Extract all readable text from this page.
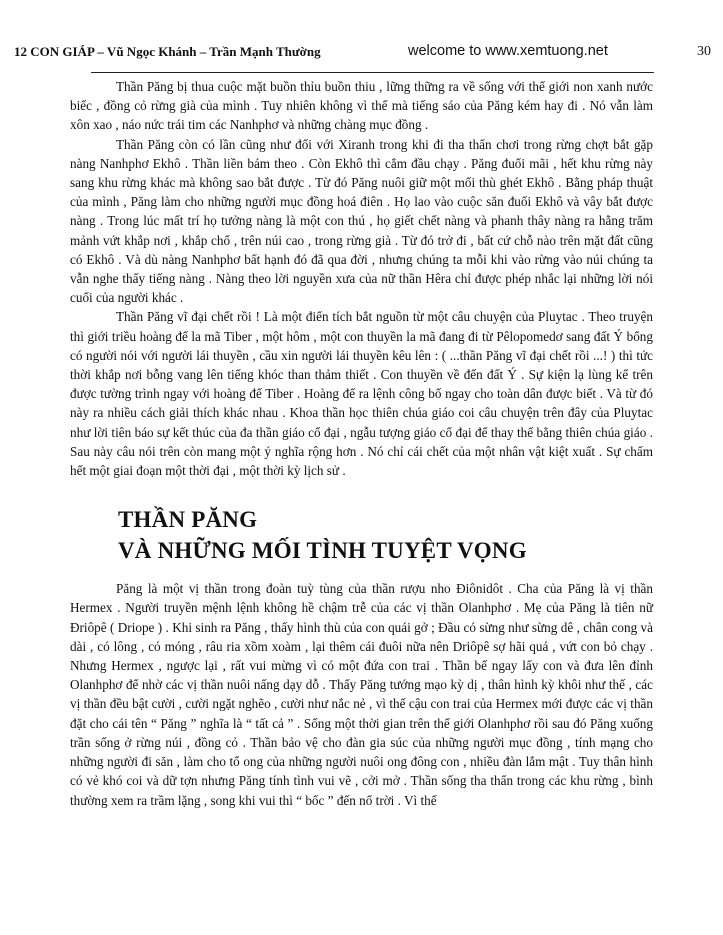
12 CON GIÁP – Vũ Ngọc Khánh – Trần Mạnh Thường	welcome to www.xemtuong.net	30

Thần Păng bị thua cuộc mặt buồn thỉu buồn thiu , lững thững ra về sống với thế giới non xanh nước biếc , đồng cỏ rừng già của mình . Tuy nhiên không vì thế mà tiếng sáo của Păng kém hay đi . Nó vẫn làm xôn xao , náo nức trái tim các Nanhphơ và những chàng mục đồng .

Thần Păng còn có lần cũng như đối với Xiranh trong khi đi tha thẩn chơi trong rừng chợt bắt gặp nàng Nanhphơ Ekhô . Thần liền bám theo . Còn Ekhô thì cắm đầu chạy . Păng đuổi mãi , hết khu rừng này sang khu rừng khác mà không sao bắt được . Từ đó Păng nuôi giữ một mối thù ghét Ekhô . Bằng pháp thuật của mình , Păng làm cho những người mục đồng hoá điên . Họ lao vào cuộc săn đuổi Ekhô và vây bắt được nàng . Trong lúc mất trí họ tưởng nàng là một con thú , họ giết chết nàng và phanh thây nàng ra hằng trăm mảnh vứt khắp nơi , khắp chổ , trên núi cao , trong rừng già . Từ đó trở đi , bất cứ chỗ nào trên mặt đất cũng có Ekhô . Và dù nàng Nanhphơ bất hạnh đó đã qua đời , nhưng chúng ta mỗi khi vào rừng vào núi chúng ta vẫn nghe thấy tiếng nàng . Nàng theo lời nguyền xưa của nữ thần Hêra chỉ được phép nhắc lại những lời nói cuối của người khác .

Thần Păng vĩ đại chết rồi ! Là một điển tích bắt nguồn từ một câu chuyện của Pluytac . Theo truyện thì giới triều hoàng đế la mã Tiber , một hôm , một con thuyền la mã đang đi từ Pêlopomedơ sang đất Ý bổng có người nói với người lái thuyền , cầu xin người lái thuyền kêu lên : ( ...thần Păng vĩ đại chết rồi ...! ) thì tức thời khắp nơi bỗng vang lên tiếng khóc than thảm thiết . Con thuyền về đến đất Ý . Sự kiện lạ lùng kể trên được tường trình ngay với hoàng đế Tiber . Hoàng đế ra lệnh công bố ngay cho toàn dân được biết . Và từ đó này ra nhiều cách giải thích khác nhau . Khoa thần học thiên chúa giáo coi câu chuyện trên đây của Pluytac như lời tiên báo sự kết thúc của đa thần giáo cổ đại , ngẫu tượng giáo cổ đại để thay thế bằng thiên chúa giáo . Sau này câu nói trên còn mang một ý nghĩa rộng hơn . Nó chỉ cái chết của một nhân vật kiệt xuất . Sự chấm hết một giai đoạn một thời đại , một thời kỳ lịch sử .

THẦN PĂNG
VÀ NHỮNG MỐI TÌNH TUYỆT VỌNG

Păng là một vị thần trong đoàn tuỳ tùng của thần rượu nho Điônidôt . Cha của Păng là vị thần Hermex . Người truyền mệnh lệnh không hề chậm trễ của các vị thần Olanhphơ . Mẹ của Păng là tiên nữ Đriôpê ( Driope ) . Khi sinh ra Păng , thấy hình thù của con quái gở ; Đầu có sừng như sừng dê , chân cong và dài , có lông , có móng , râu ria xồm xoàm , lại thêm cái đuôi nữa nên Driôpê sợ hãi quá , vứt con bỏ chạy . Nhưng Hermex , ngược lại , rất vui mừng vì có một đứa con trai . Thần bế ngay lấy con và đưa lên đỉnh Olanhphơ để nhờ các vị thần nuôi nấng dạy dỗ . Thấy Păng tướng mạo kỳ dị , thân hình kỳ khôi như thế , các vị thần đều bật cười , cười ngặt nghẽo , cười như nắc nẻ , vì thế cậu con trai của Hermex mới được các vị thần đặt cho cái tên “ Păng ” nghĩa là “ tất cả ” . Sống một thời gian trên thế giới Olanhphơ rồi sau đó Păng xuống trần sống ở rừng núi , đồng cỏ . Thần bảo vệ cho đàn gia súc của những người mục đồng , tính mạng cho những người đi săn , làm cho tổ ong của những người nuôi ong đông con , nhiều đàn lắm mật . Tuy thân hình có vẻ khó coi và dữ tợn nhưng Păng tính tình vui vẽ , cởi mở . Thần sống tha thẩn trong các khu rừng , bình thường xem ra trầm lặng , song khi vui thì “ bốc ” đến nổ trời . Vì thế
